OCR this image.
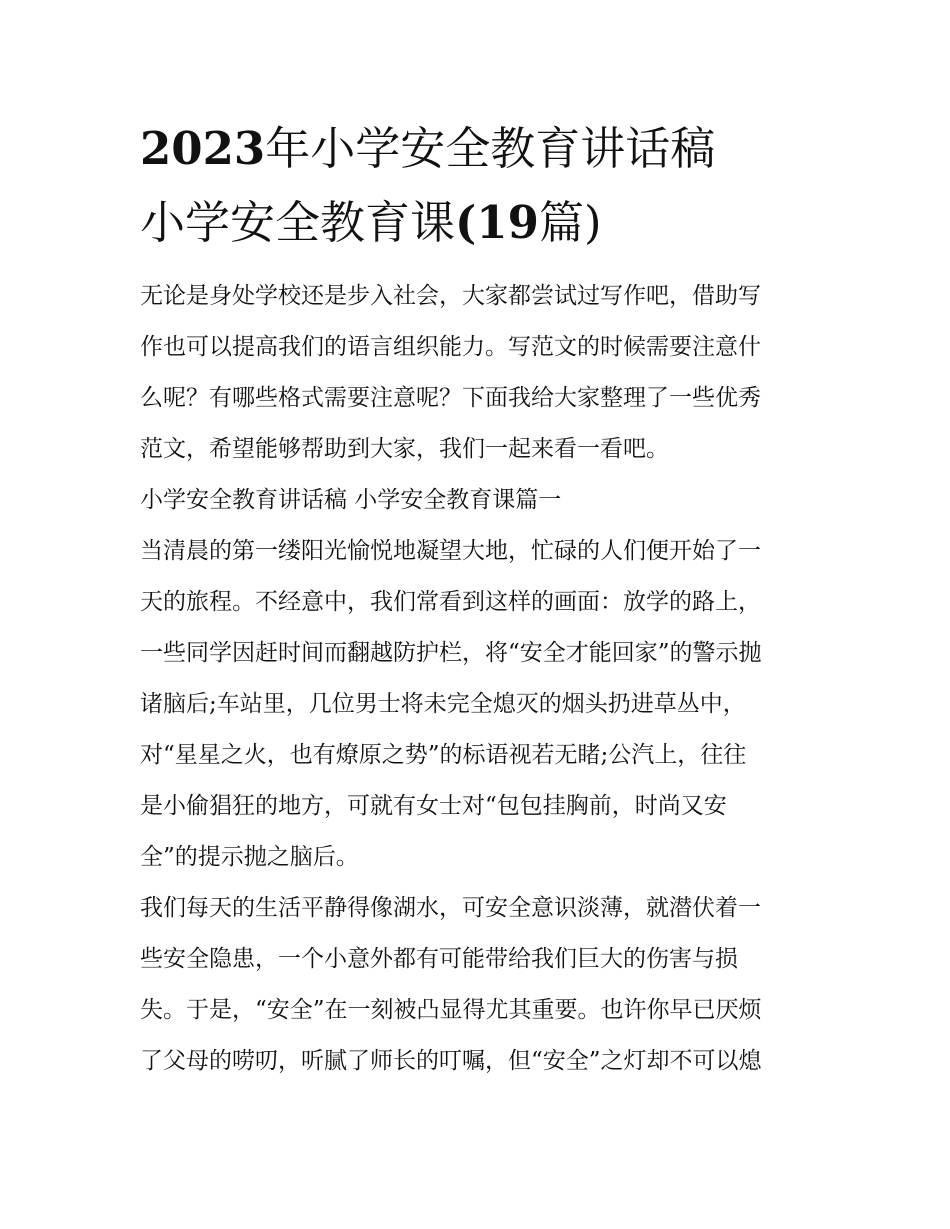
2023年小学安全教育讲话稿
小学安全教育课(19篇)
无论是身处学校还是步入社会，大家都尝试过写作吧，借助写
作也可以提高我们的语言组织能力。写范文的时候需要注意什
么呢？有哪些格式需要注意呢？下面我给大家整理了一些优秀
范文，希望能够帮助到大家，我们一起来看一看吧。
小学安全教育讲话稿 小学安全教育课篇一
当清晨的第一缕阳光愉悦地凝望大地，忙碌的人们便开始了一
天的旅程。不经意中，我们常看到这样的画面：放学的路上，
一些同学因赶时间而翻越防护栏，将“安全才能回家”的警示抛
诸脑后;车站里，几位男士将未完全熄灭的烟头扔进草丛中，
对“星星之火，也有燎原之势”的标语视若无睹;公汽上，往往
是小偷猖狂的地方，可就有女士对“包包挂胸前，时尚又安
全”的提示抛之脑后。
我们每天的生活平静得像湖水，可安全意识淡薄，就潜伏着一
些安全隐患，一个小意外都有可能带给我们巨大的伤害与损
失。于是，“安全”在一刻被凸显得尤其重要。也许你早已厌烦
了父母的唠叨，听腻了师长的叮嘱，但“安全”之灯却不可以熄
